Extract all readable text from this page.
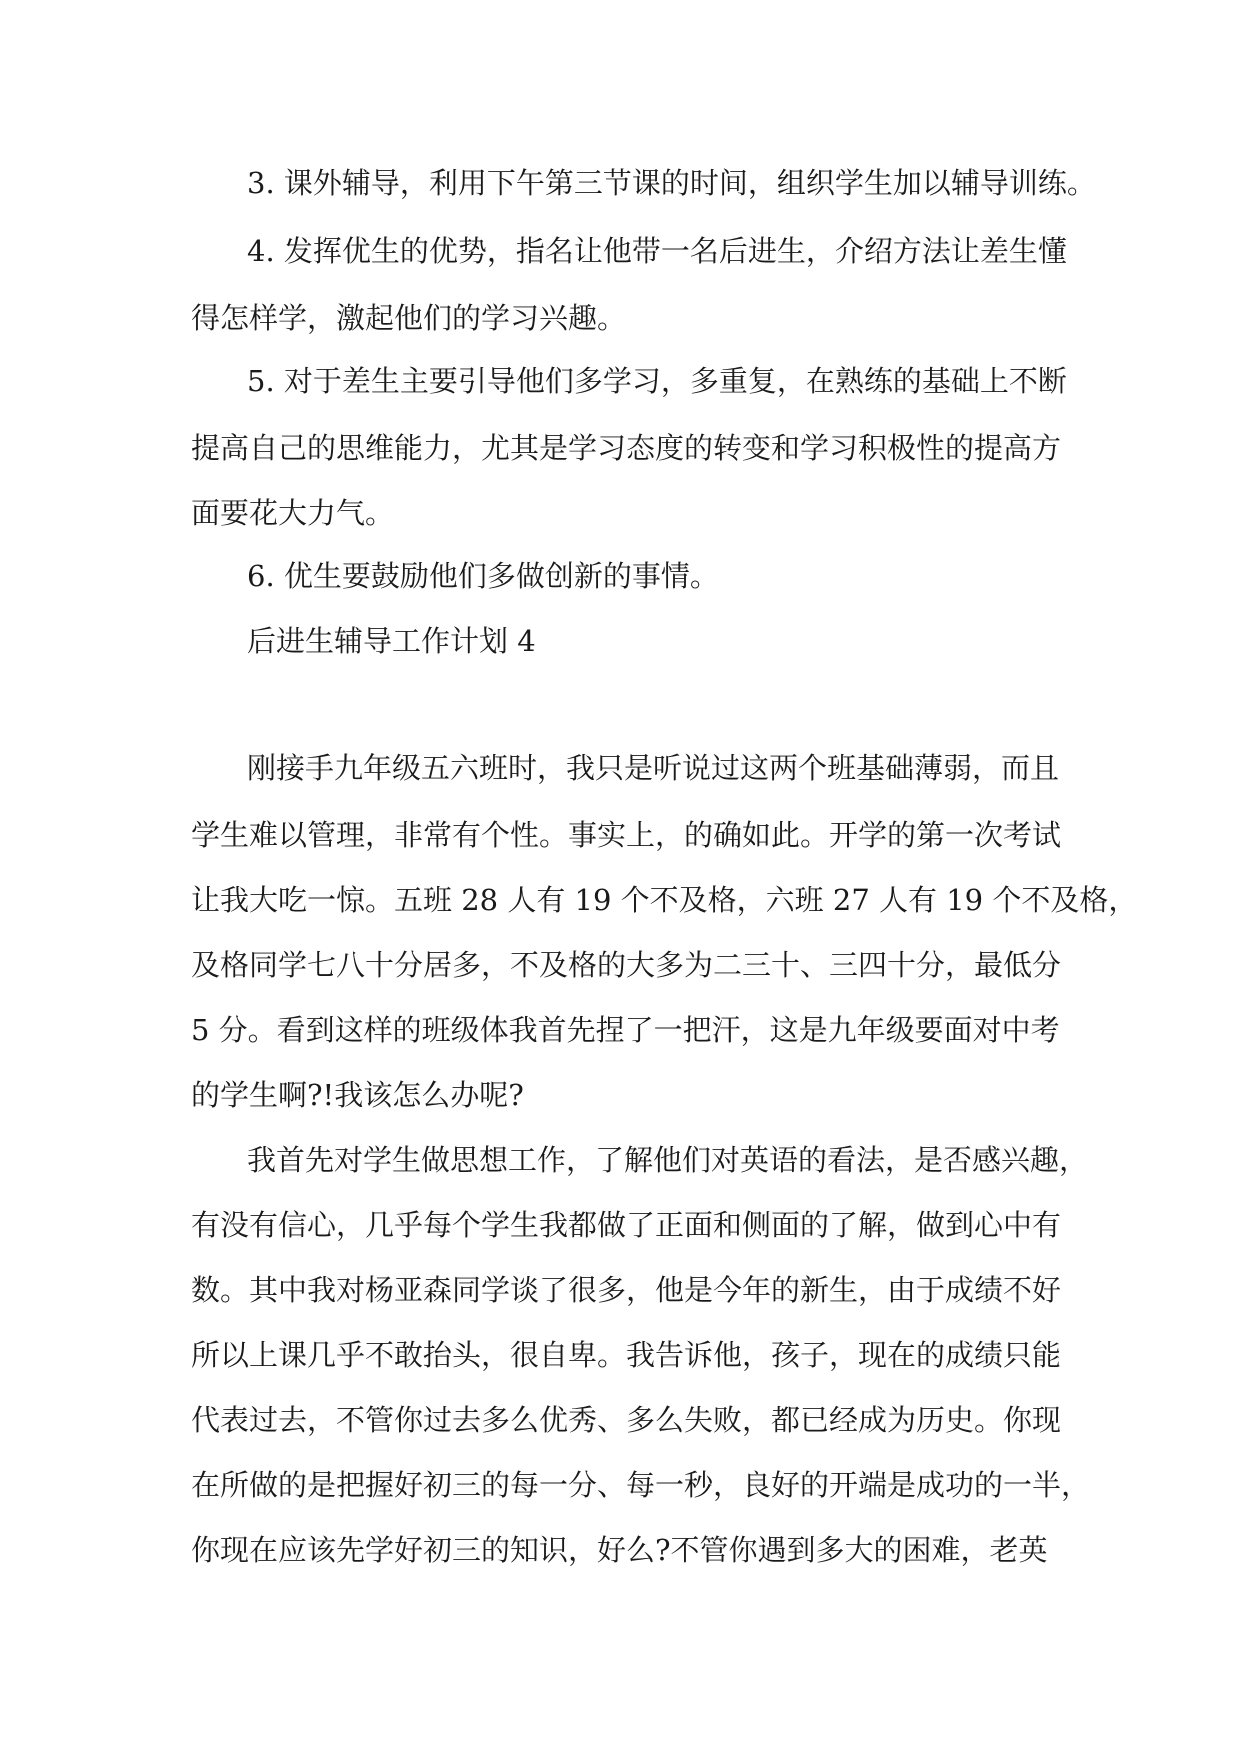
3. 课外辅导，利用下午第三节课的时间，组织学生加以辅导训练。
4. 发挥优生的优势，指名让他带一名后进生，介绍方法让差生懂
得怎样学，激起他们的学习兴趣。
5. 对于差生主要引导他们多学习，多重复，在熟练的基础上不断
提高自己的思维能力，尤其是学习态度的转变和学习积极性的提高方
面要花大力气。
6. 优生要鼓励他们多做创新的事情。
后进生辅导工作计划 4
刚接手九年级五六班时，我只是听说过这两个班基础薄弱，而且
学生难以管理，非常有个性。事实上，的确如此。开学的第一次考试
让我大吃一惊。五班 28 人有 19 个不及格，六班 27 人有 19 个不及格，
及格同学七八十分居多，不及格的大多为二三十、三四十分，最低分
5 分。看到这样的班级体我首先捏了一把汗，这是九年级要面对中考
的学生啊?!我该怎么办呢?
我首先对学生做思想工作，了解他们对英语的看法，是否感兴趣，
有没有信心，几乎每个学生我都做了正面和侧面的了解，做到心中有
数。其中我对杨亚森同学谈了很多，他是今年的新生，由于成绩不好
所以上课几乎不敢抬头，很自卑。我告诉他，孩子，现在的成绩只能
代表过去，不管你过去多么优秀、多么失败，都已经成为历史。你现
在所做的是把握好初三的每一分、每一秒，良好的开端是成功的一半，
你现在应该先学好初三的知识，好么?不管你遇到多大的困难，老英
